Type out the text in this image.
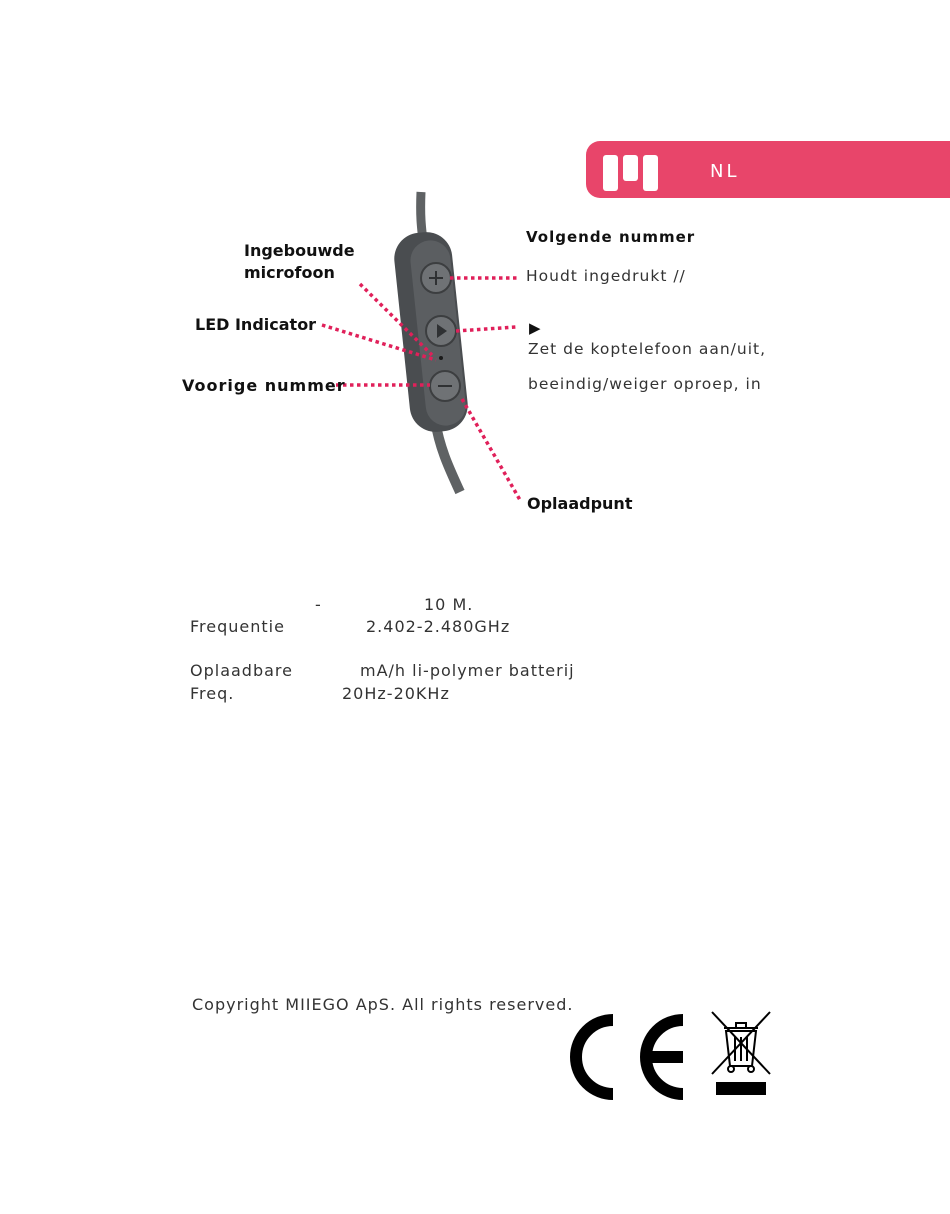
NL
Ingebouwde
microfoon
LED Indicator
Voorige nummer
Volgende nummer
Houdt ingedrukt //
▶
Zet de koptelefoon aan/uit,
beeindig/weiger oproep, in
Oplaadpunt
-	10 M.
Frequentie	2.402-2.480GHz
Oplaadbare	mA/h li-polymer batterij
Freq.	20Hz-20KHz
Copyright MIIEGO ApS. All rights reserved.
